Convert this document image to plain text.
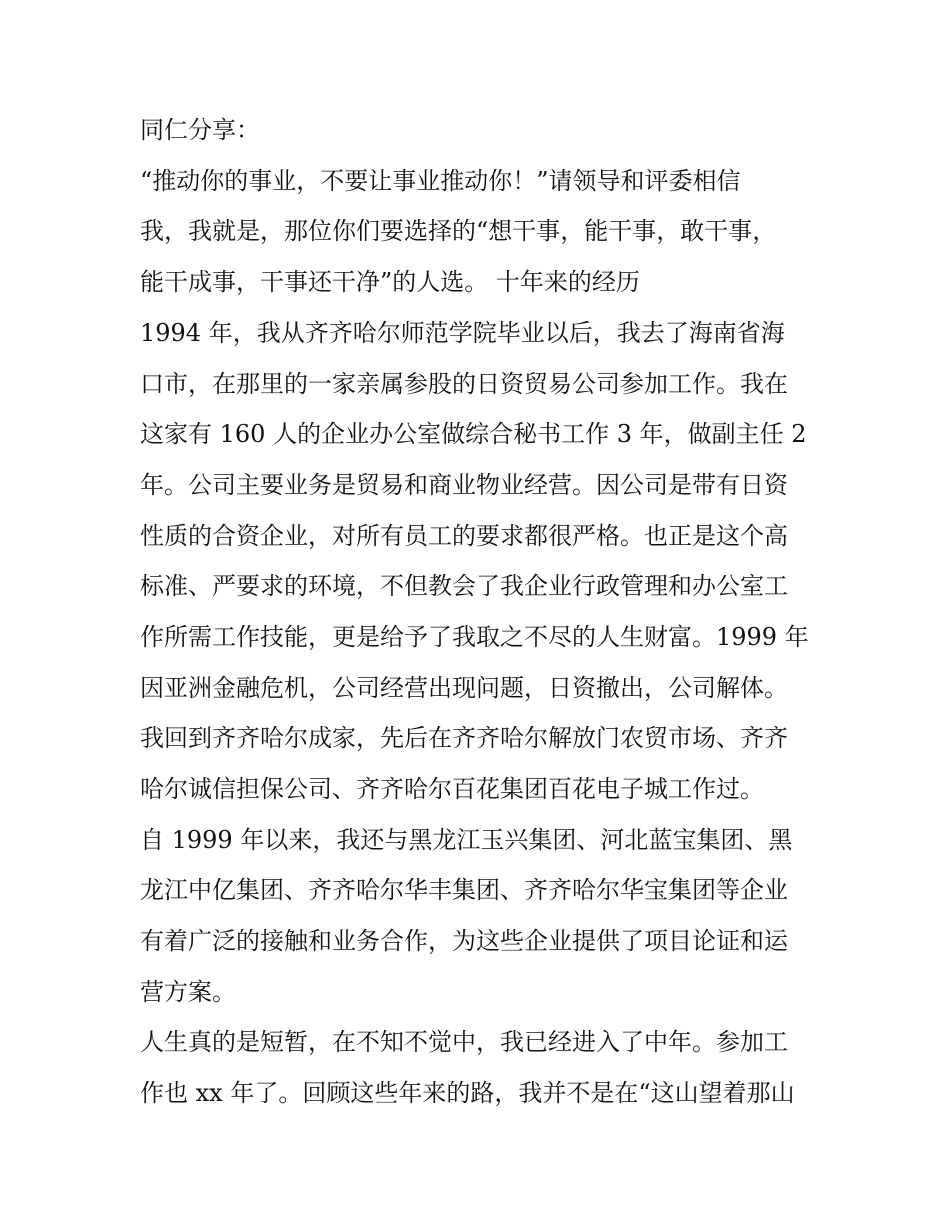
同仁分享：
“推动你的事业，不要让事业推动你！”请领导和评委相信
我，我就是，那位你们要选择的“想干事，能干事，敢干事，
能干成事，干事还干净”的人选。 十年来的经历
1994 年，我从齐齐哈尔师范学院毕业以后，我去了海南省海
口市，在那里的一家亲属参股的日资贸易公司参加工作。我在
这家有 160 人的企业办公室做综合秘书工作 3 年，做副主任 2
年。公司主要业务是贸易和商业物业经营。因公司是带有日资
性质的合资企业，对所有员工的要求都很严格。也正是这个高
标准、严要求的环境，不但教会了我企业行政管理和办公室工
作所需工作技能，更是给予了我取之不尽的人生财富。1999 年
因亚洲金融危机，公司经营出现问题，日资撤出，公司解体。
我回到齐齐哈尔成家，先后在齐齐哈尔解放门农贸市场、齐齐
哈尔诚信担保公司、齐齐哈尔百花集团百花电子城工作过。
自 1999 年以来，我还与黑龙江玉兴集团、河北蓝宝集团、黑
龙江中亿集团、齐齐哈尔华丰集团、齐齐哈尔华宝集团等企业
有着广泛的接触和业务合作，为这些企业提供了项目论证和运
营方案。
人生真的是短暂，在不知不觉中，我已经进入了中年。参加工
作也 xx 年了。回顾这些年来的路，我并不是在“这山望着那山
